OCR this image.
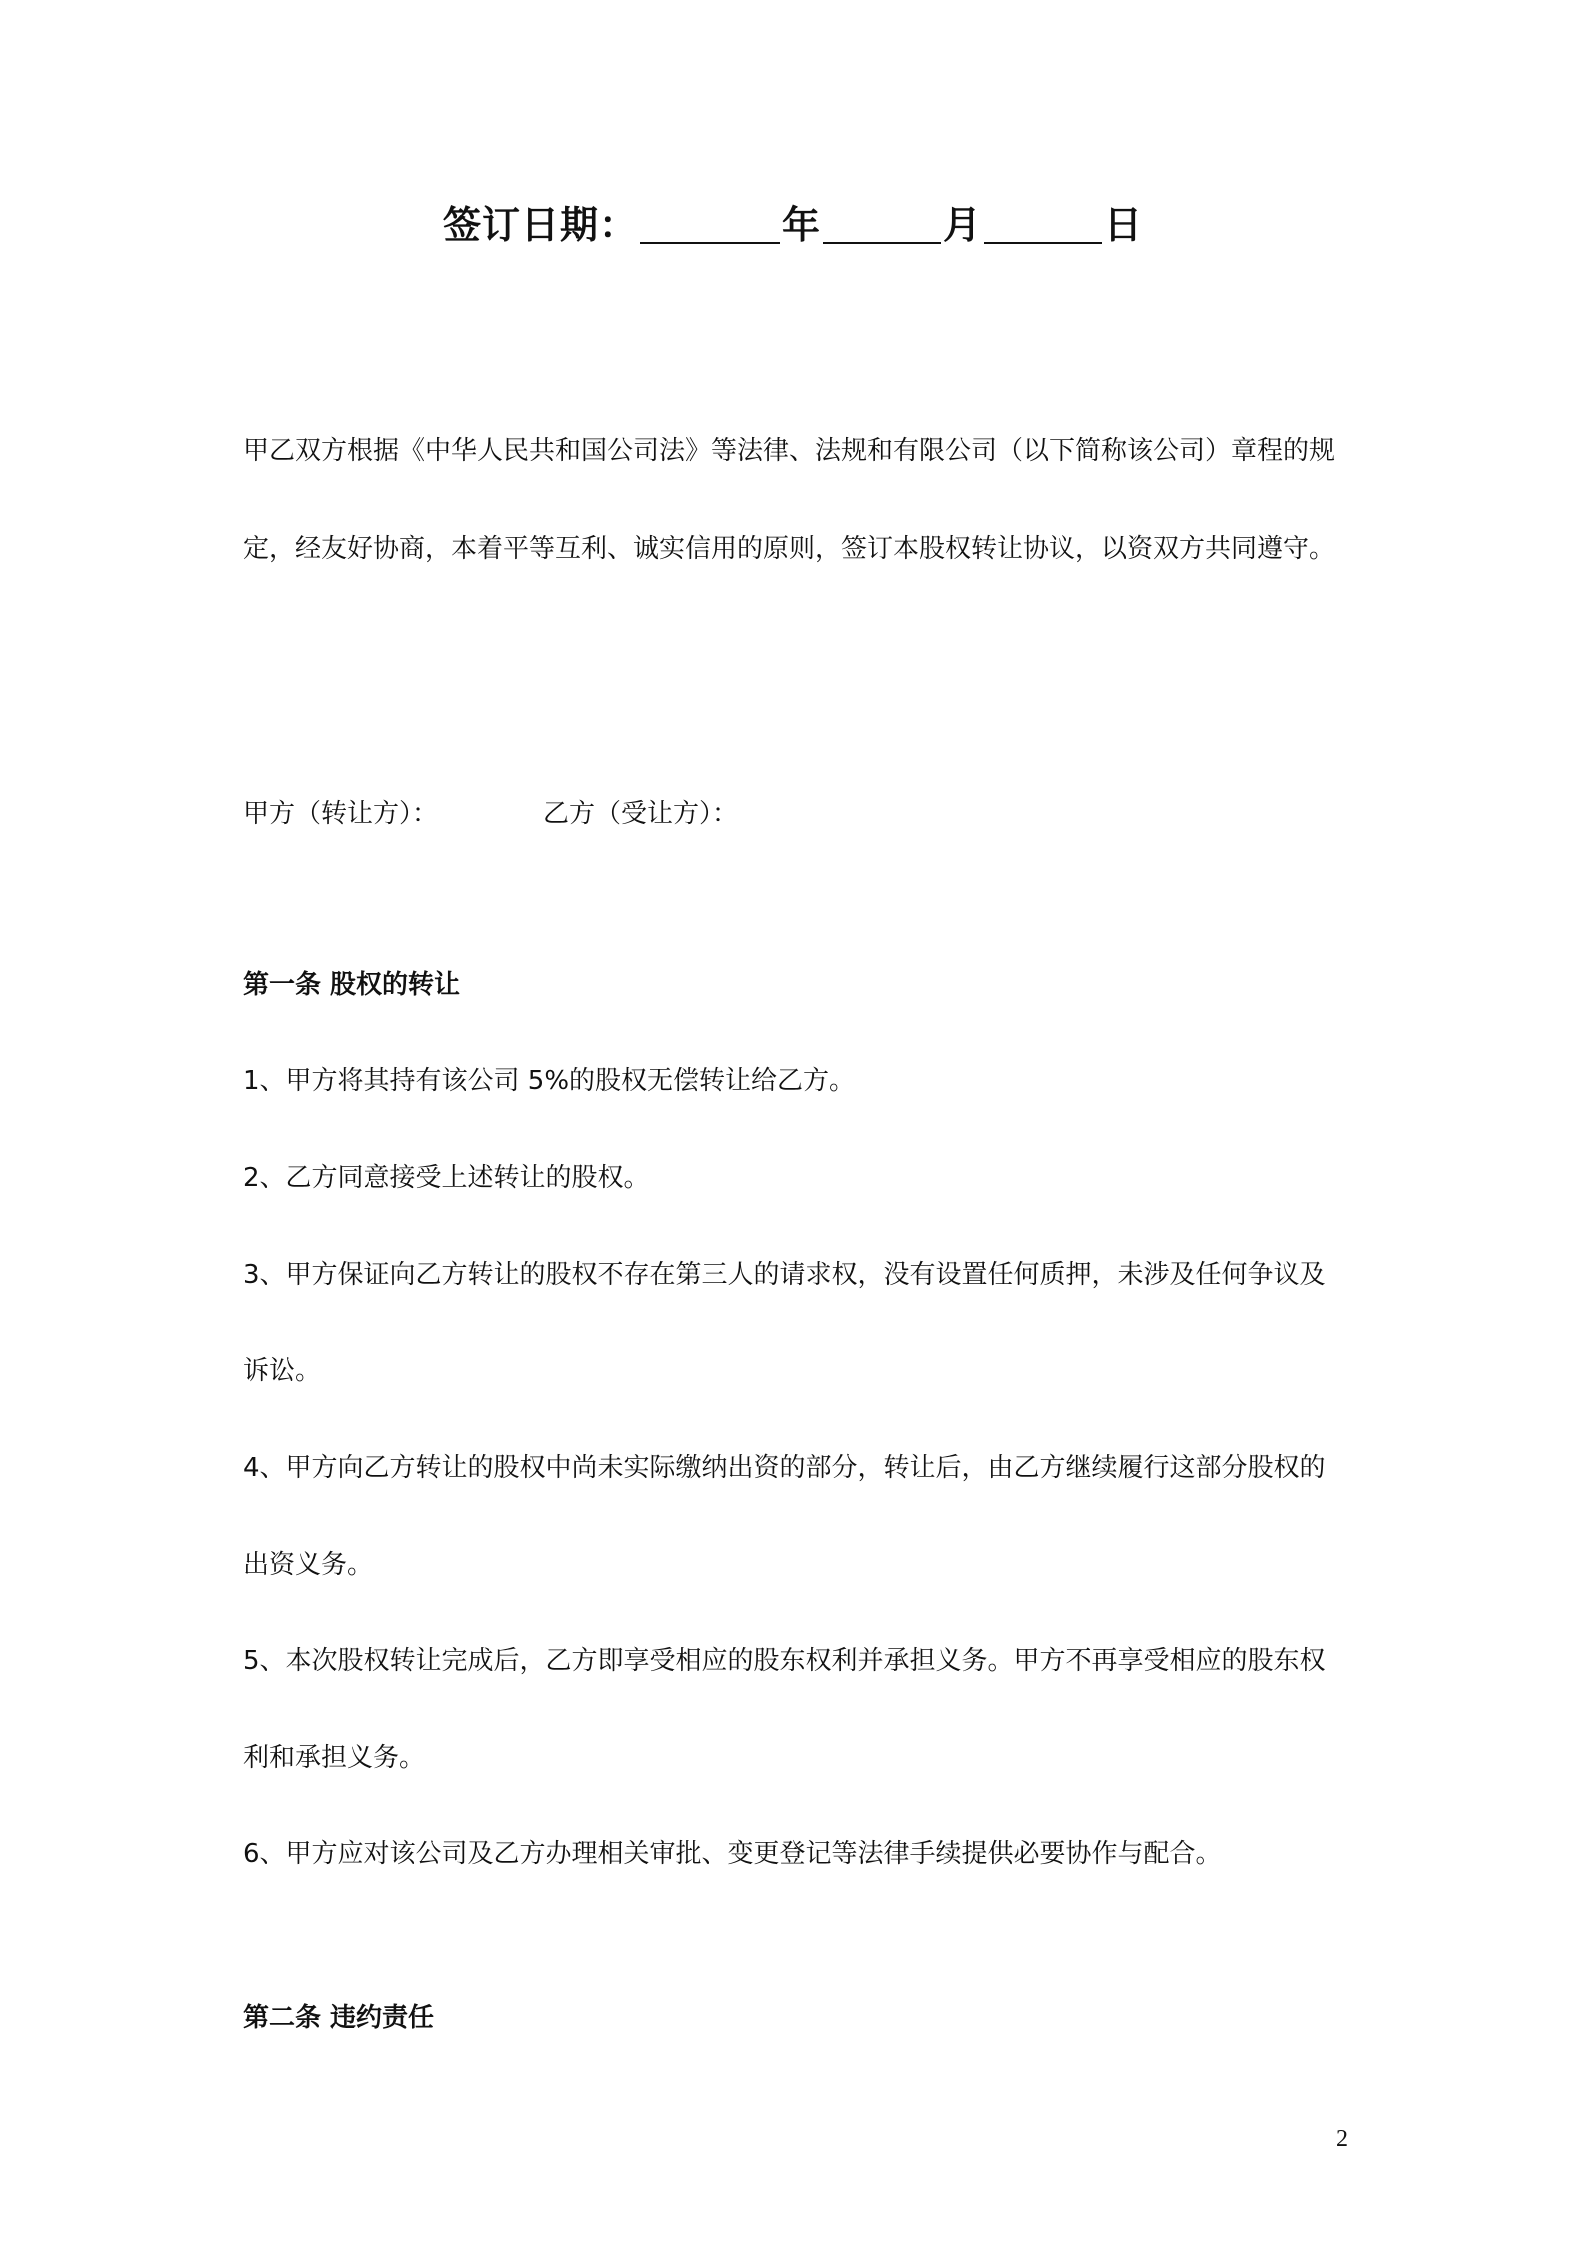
签订日期：	年	月	日
甲乙双方根据《中华人民共和国公司法》等法律、法规和有限公司（以下简称该公司）章程的规
定，经友好协商，本着平等互利、诚实信用的原则，签订本股权转让协议，以资双方共同遵守。
甲方（转让方）：	乙方（受让方）：
第一条 股权的转让
1、甲方将其持有该公司 5%的股权无偿转让给乙方。
2、乙方同意接受上述转让的股权。
3、甲方保证向乙方转让的股权不存在第三人的请求权，没有设置任何质押，未涉及任何争议及
诉讼。
4、甲方向乙方转让的股权中尚未实际缴纳出资的部分，转让后，由乙方继续履行这部分股权的
出资义务。
5、本次股权转让完成后，乙方即享受相应的股东权利并承担义务。甲方不再享受相应的股东权
利和承担义务。
6、甲方应对该公司及乙方办理相关审批、变更登记等法律手续提供必要协作与配合。
第二条 违约责任
2
